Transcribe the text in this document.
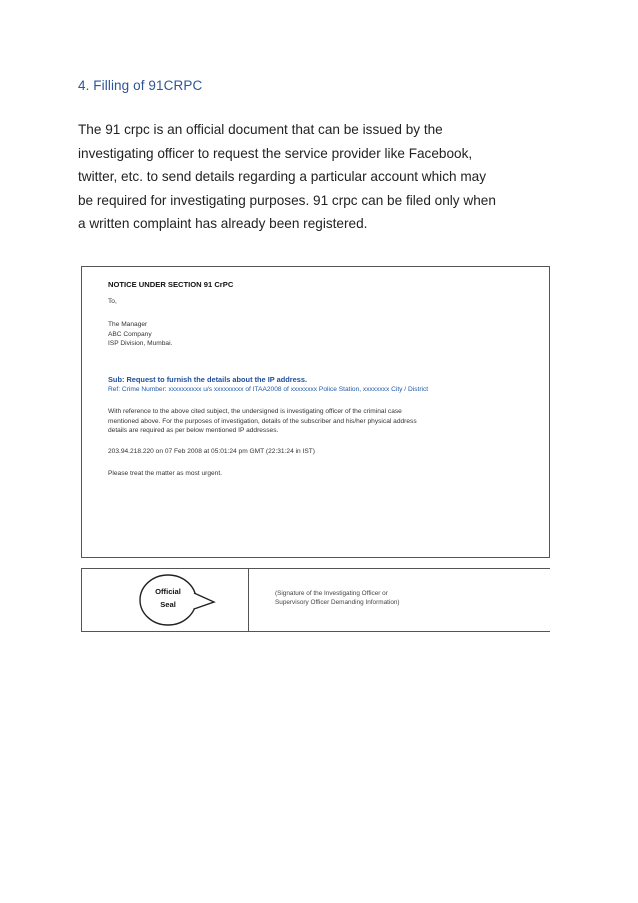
4. Filling of 91CRPC
The 91 crpc is an official document that can be issued by the
investigating officer to request the service provider like Facebook,
twitter, etc. to send details regarding a particular account which may
be required for investigating purposes. 91 crpc can be filed only when
a written complaint has already been registered.
NOTICE UNDER SECTION 91 CrPC
To,
The Manager
ABC Company
ISP Division, Mumbai.
Sub: Request to furnish the details about the IP address.
Ref: Crime Number: xxxxxxxxxx u/s xxxxxxxxx of ITAA2008 of xxxxxxxx Police Station, xxxxxxxx City / District
With reference to the above cited subject, the undersigned is investigating officer of the criminal case
mentioned above. For the purposes of investigation, details of the subscriber and his/her physical address
details are required as per below mentioned IP addresses.
203.94.218.220 on 07 Feb 2008 at 05:01:24 pm GMT (22:31:24 in IST)
Please treat the matter as most urgent.
Official
Seal
(Signature of the Investigating Officer or
Supervisory Officer Demanding Information)
